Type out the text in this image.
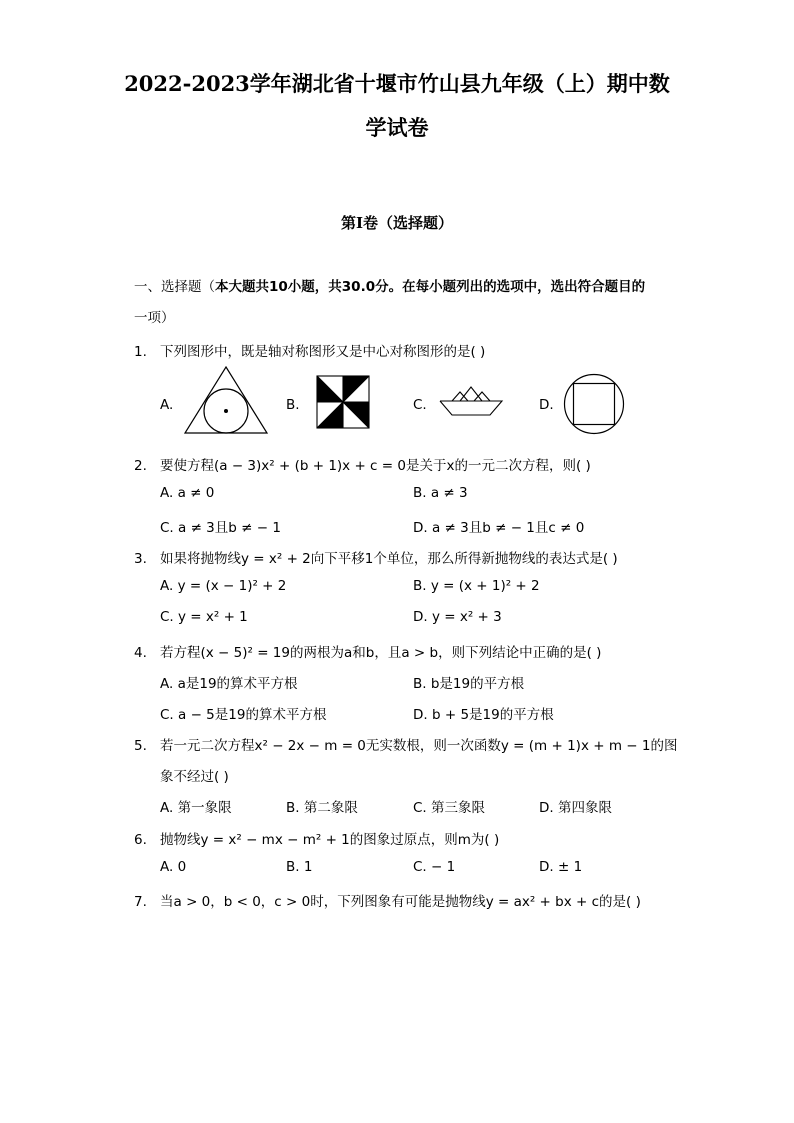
2022-2023学年湖北省十堰市竹山县九年级（上）期中数
学试卷
第I卷（选择题）
一、选择题（本大题共10小题，共30.0分。在每小题列出的选项中，选出符合题目的
一项）
1. 下列图形中，既是轴对称图形又是中心对称图形的是( )
A.	B.	C.	D.
2. 要使方程(a − 3)x² + (b + 1)x + c = 0是关于x的一元二次方程，则( )
A. a ≠ 0	B. a ≠ 3
C. a ≠ 3且b ≠ − 1	D. a ≠ 3且b ≠ − 1且c ≠ 0
3. 如果将抛物线y = x² + 2向下平移1个单位，那么所得新抛物线的表达式是( )
A. y = (x − 1)² + 2	B. y = (x + 1)² + 2
C. y = x² + 1	D. y = x² + 3
4. 若方程(x − 5)² = 19的两根为a和b，且a > b，则下列结论中正确的是( )
A. a是19的算术平方根	B. b是19的平方根
C. a − 5是19的算术平方根	D. b + 5是19的平方根
5. 若一元二次方程x² − 2x − m = 0无实数根，则一次函数y = (m + 1)x + m − 1的图
象不经过( )
A. 第一象限	B. 第二象限	C. 第三象限	D. 第四象限
6. 抛物线y = x² − mx − m² + 1的图象过原点，则m为( )
A. 0	B. 1	C. − 1	D. ± 1
7. 当a > 0，b < 0，c > 0时，下列图象有可能是抛物线y = ax² + bx + c的是( )
